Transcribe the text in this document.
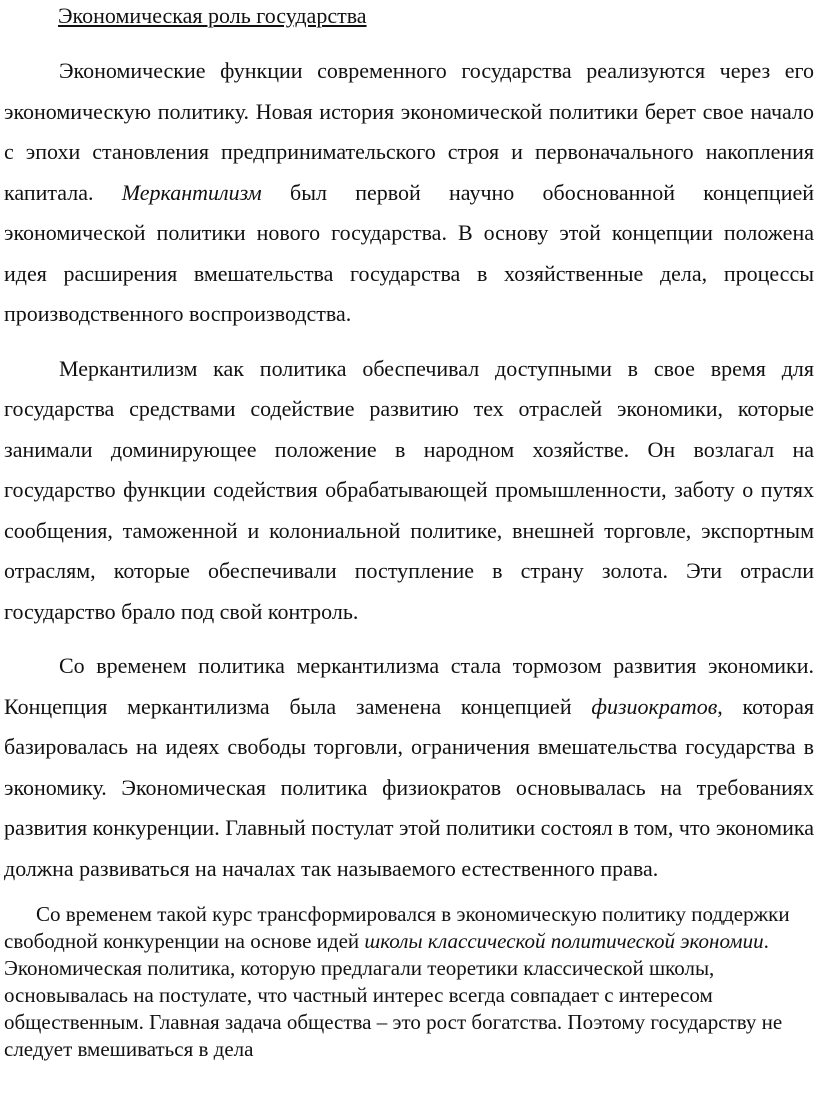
Экономическая роль государства

Экономические функции современного государства реализуются через его экономическую политику. Новая история экономической политики берет свое начало с эпохи становления предпринимательского строя и первоначального накопления капитала. Меркантилизм был первой научно обоснованной концепцией экономической политики нового государства. В основу этой концепции положена идея расширения вмешательства государства в хозяйственные дела, процессы производственного воспроизводства.

Меркантилизм как политика обеспечивал доступными в свое время для государства средствами содействие развитию тех отраслей экономики, которые занимали доминирующее положение в народном хозяйстве. Он возлагал на государство функции содействия обрабатывающей промышленности, заботу о путях сообщения, таможенной и колониальной политике, внешней торговле, экспортным отраслям, которые обеспечивали поступление в страну золота. Эти отрасли государство брало под свой контроль.

Со временем политика меркантилизма стала тормозом развития экономики. Концепция меркантилизма была заменена концепцией физиократов, которая базировалась на идеях свободы торговли, ограничения вмешательства государства в экономику. Экономическая политика физиократов основывалась на требованиях развития конкуренции. Главный постулат этой политики состоял в том, что экономика должна развиваться на началах так называемого естественного права.

Со временем такой курс трансформировался в экономическую политику поддержки свободной конкуренции на основе идей школы классической политической экономии. Экономическая политика, которую предлагали теоретики классической школы, основывалась на постулате, что частный интерес всегда совпадает с интересом общественным. Главная задача общества – это рост богатства. Поэтому государству не следует вмешиваться в дела
